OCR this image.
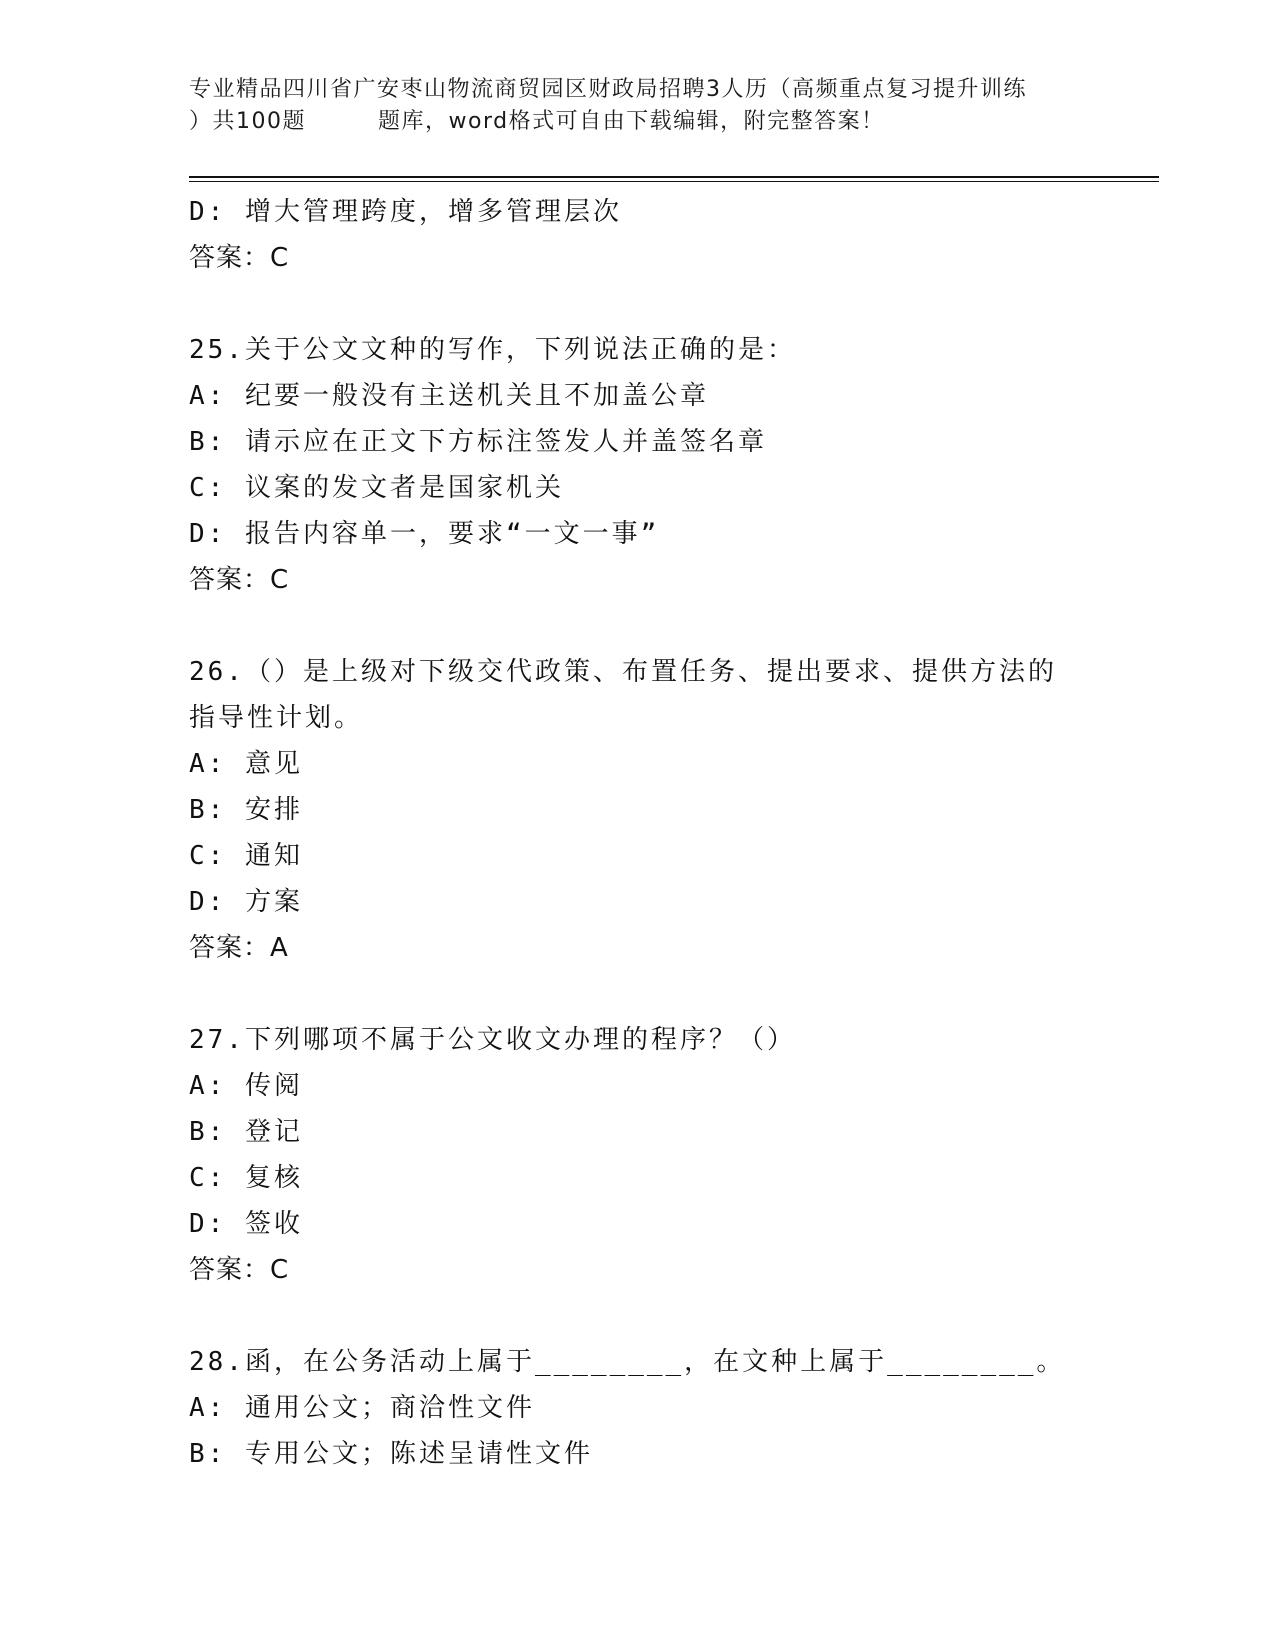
专业精品四川省广安枣山物流商贸园区财政局招聘3人历（高频重点复习提升训练
）共100题	题库，word格式可自由下载编辑，附完整答案！
D: 增大管理跨度，增多管理层次
答案：C
25.关于公文文种的写作，下列说法正确的是：
A: 纪要一般没有主送机关且不加盖公章
B: 请示应在正文下方标注签发人并盖签名章
C: 议案的发文者是国家机关
D: 报告内容单一，要求“一文一事”
答案：C
26.（）是上级对下级交代政策、布置任务、提出要求、提供方法的指导性计划。
A: 意见
B: 安排
C: 通知
D: 方案
答案：A
27.下列哪项不属于公文收文办理的程序？（）
A: 传阅
B: 登记
C: 复核
D: 签收
答案：C
28.函，在公务活动上属于________，在文种上属于________。
A: 通用公文；商洽性文件
B: 专用公文；陈述呈请性文件
